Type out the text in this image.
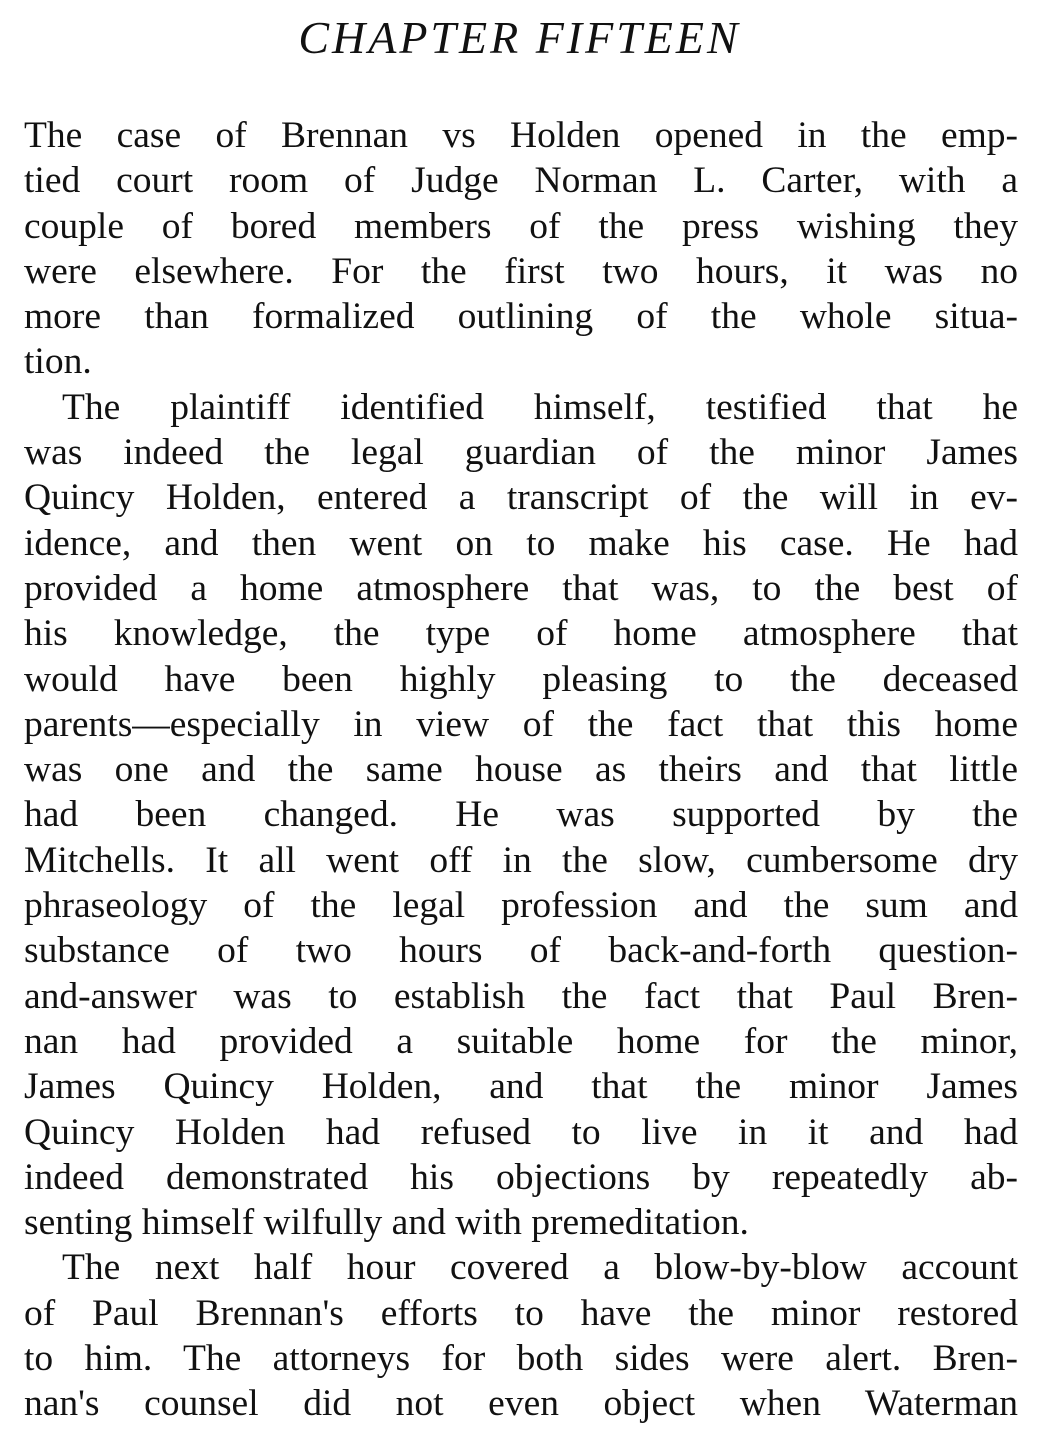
CHAPTER FIFTEEN
The case of Brennan vs Holden opened in the emp-
tied court room of Judge Norman L. Carter, with a
couple of bored members of the press wishing they
were elsewhere. For the first two hours, it was no
more than formalized outlining of the whole situa-
tion.
The plaintiff identified himself, testified that he
was indeed the legal guardian of the minor James
Quincy Holden, entered a transcript of the will in ev-
idence, and then went on to make his case. He had
provided a home atmosphere that was, to the best of
his knowledge, the type of home atmosphere that
would have been highly pleasing to the deceased
parents—especially in view of the fact that this home
was one and the same house as theirs and that little
had been changed. He was supported by the
Mitchells. It all went off in the slow, cumbersome dry
phraseology of the legal profession and the sum and
substance of two hours of back-and-forth question-
and-answer was to establish the fact that Paul Bren-
nan had provided a suitable home for the minor,
James Quincy Holden, and that the minor James
Quincy Holden had refused to live in it and had
indeed demonstrated his objections by repeatedly ab-
senting himself wilfully and with premeditation.
The next half hour covered a blow-by-blow account
of Paul Brennan's efforts to have the minor restored
to him. The attorneys for both sides were alert. Bren-
nan's counsel did not even object when Waterman
